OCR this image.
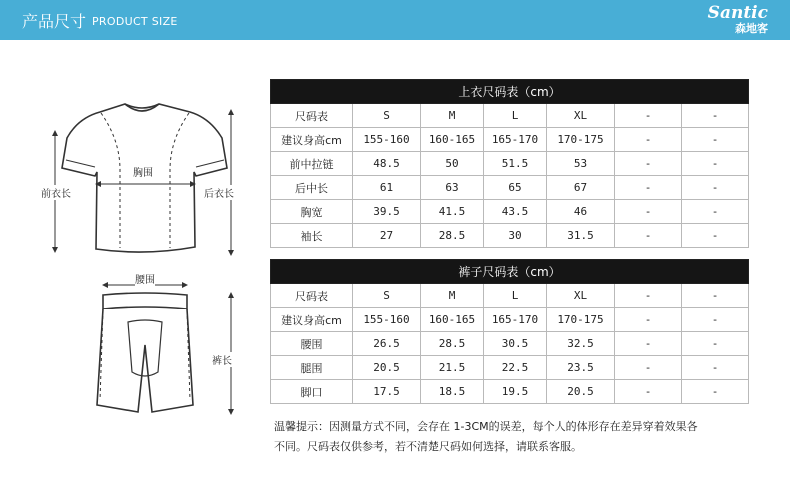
产品尺寸 PRODUCT SIZE	Santic
森地客
前衣长	后衣长
胸围
腰围
裤长
上衣尺码表（cm）						
尺码表	S	M	L	XL	-	-
建议身高cm	155-160	160-165	165-170	170-175	-	-
前中拉链	48.5	50	51.5	53	-	-
后中长	61	63	65	67	-	-
胸宽	39.5	41.5	43.5	46	-	-
袖长	27	28.5	30	31.5	-	-
裤子尺码表（cm）						
尺码表	S	M	L	XL	-	-
建议身高cm	155-160	160-165	165-170	170-175	-	-
腰围	26.5	28.5	30.5	32.5	-	-
腿围	20.5	21.5	22.5	23.5	-	-
脚口	17.5	18.5	19.5	20.5	-	-
温馨提示：因测量方式不同，会存在 1-3CM的误差，每个人的体形存在差异穿着效果各
不同。尺码表仅供参考，若不清楚尺码如何选择，请联系客服。
